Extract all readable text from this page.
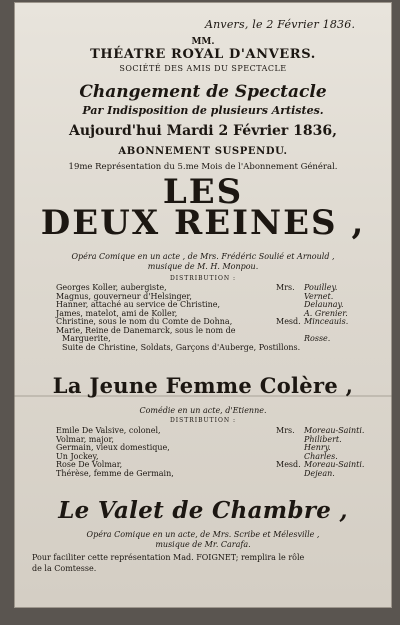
Anvers, le 2 Février 1836.
MM.
THÉATRE ROYAL D'ANVERS.
SOCIÉTÉ DES AMIS DU SPECTACLE
Changement de Spectacle
Par Indisposition de plusieurs Artistes.
Aujourd'hui Mardi 2 Février 1836,
ABONNEMENT SUSPENDU.
19me Représentation du 5.me Mois de l'Abonnement Général.
LES
DEUX REINES ,
Opéra Comique en un acte , de Mrs. Frédéric Soulié et Arnould ,
musique de M. H. Monpou.
DISTRIBUTION :
Georges Koller, aubergiste,	Mrs. Pouilley.
Magnus, gouverneur d'Helsinger,	Vernet.
Hanner, attaché au service de Christine,	Delaunay.
James, matelot, ami de Koller,	A. Grenier.
Christine, sous le nom du Comte de Dohna,	Mesd. Minceauis.
Marie, Reine de Danemarck, sous le nom de
Marguerite,	Rosse.
Suite de Christine, Soldats, Garçons d'Auberge, Postillons.
La Jeune Femme Colère ,
Comédie en un acte, d'Etienne.
DISTRIBUTION :
Emile De Valsive, colonel,	Mrs. Moreau-Sainti.
Volmar, major,	Philibert.
Germain, vieux domestique,	Henry.
Un Jockey,	Charles.
Rose De Volmar,	Mesd. Moreau-Sainti.
Thérèse, femme de Germain,	Dejean.
Le Valet de Chambre ,
Opéra Comique en un acte, de Mrs. Scribe et Mélesville ,
musique de Mr. Carafa.
Pour faciliter cette représentation Mad. FOIGNET; remplira le rôle
de la Comtesse.
